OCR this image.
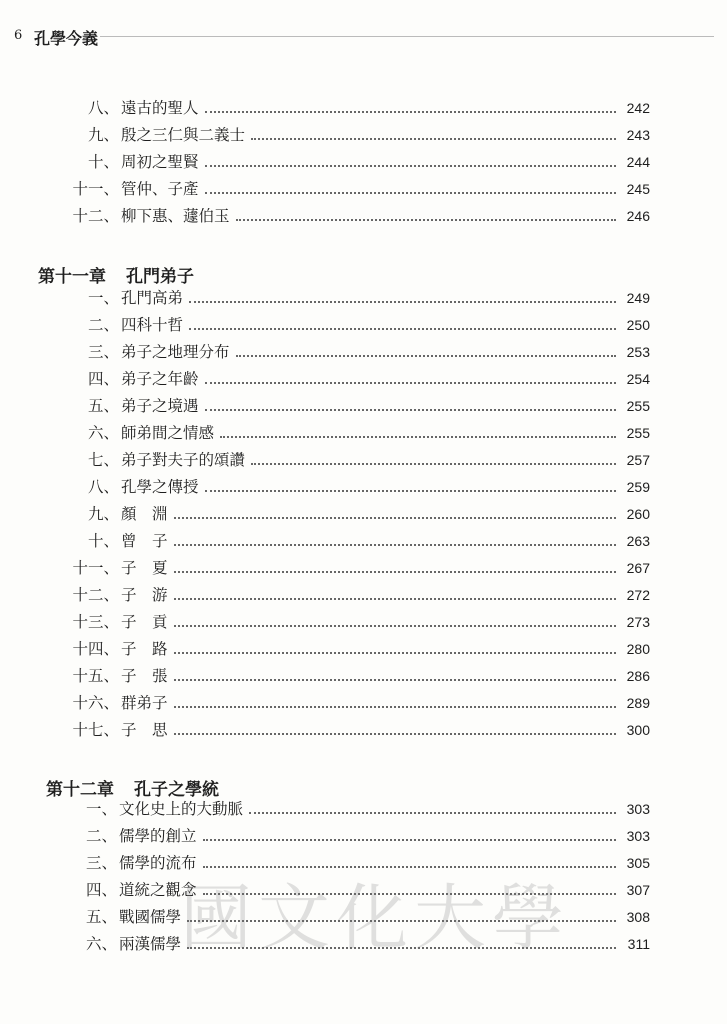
6 孔學今義
八、 遠古的聖人	242
九、 殷之三仁與二義士	243
十、 周初之聖賢	244
十一、 管仲、子產	245
十二、 柳下惠、蘧伯玉	246
第十一章 孔門弟子
一、 孔門高弟	249
二、 四科十哲	250
三、 弟子之地理分布	253
四、 弟子之年齡	254
五、 弟子之境遇	255
六、 師弟間之情感	255
七、 弟子對夫子的頌讚	257
八、 孔學之傳授	259
九、 顏　淵	260
十、 曾　子	263
十一、 子　夏	267
十二、 子　游	272
十三、 子　貢	273
十四、 子　路	280
十五、 子　張	286
十六、 群弟子	289
十七、 子　思	300
第十二章 孔子之學統
一、 文化史上的大動脈	303
二、 儒學的創立	303
三、 儒學的流布	305
四、 道統之觀念	307
五、 戰國儒學	308
六、 兩漢儒學	311
國文化大學
